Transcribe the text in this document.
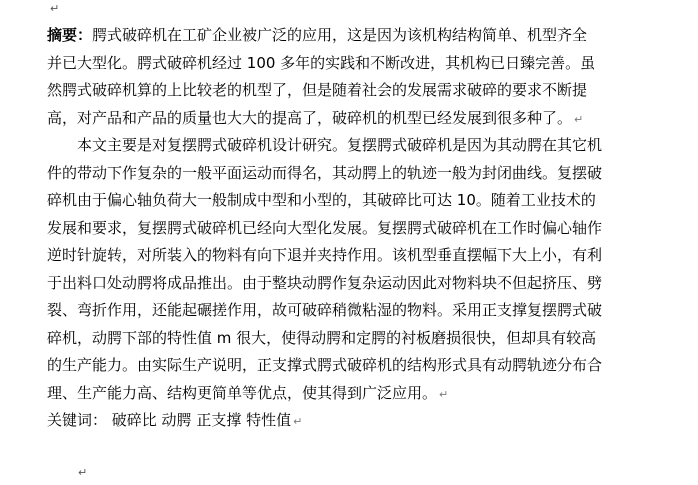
↵
摘要：腭式破碎机在工矿企业被广泛的应用，这是因为该机构结构简单、机型齐全
并已大型化。腭式破碎机经过 100 多年的实践和不断改进，其机构已日臻完善。虽
然腭式破碎机算的上比较老的机型了，但是随着社会的发展需求破碎的要求不断提
高，对产品和产品的质量也大大的提高了，破碎机的机型已经发展到很多种了。 ↵
本文主要是对复摆腭式破碎机设计研究。复摆腭式破碎机是因为其动腭在其它机
件的带动下作复杂的一般平面运动而得名，其动腭上的轨迹一般为封闭曲线。复摆破
碎机由于偏心轴负荷大一般制成中型和小型的，其破碎比可达 10。随着工业技术的
发展和要求，复摆腭式破碎机已经向大型化发展。复摆腭式破碎机在工作时偏心轴作
逆时针旋转，对所装入的物料有向下退并夹持作用。该机型垂直摆幅下大上小，有利
于出料口处动腭将成品推出。由于整块动腭作复杂运动因此对物料块不但起挤压、劈
裂、弯折作用，还能起碾搓作用，故可破碎稍微粘湿的物料。采用正支撑复摆腭式破
碎机，动腭下部的特性值 m 很大，使得动腭和定腭的衬板磨损很快，但却具有较高
的生产能力。由实际生产说明，正支撑式腭式破碎机的结构形式具有动腭轨迹分布合
理、生产能力高、结构更简单等优点，使其得到广泛应用。 ↵
关键词： 破碎比 动腭 正支撑 特性值 ↵
↵
